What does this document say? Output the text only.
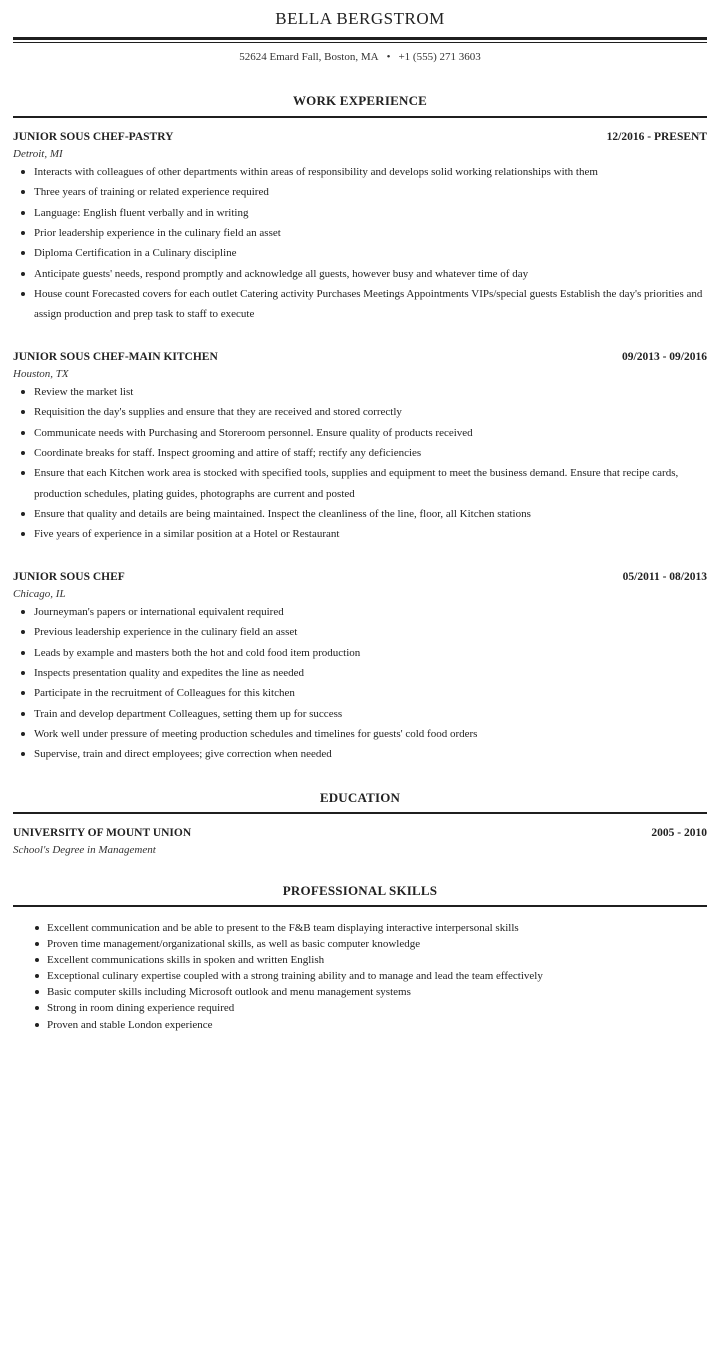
BELLA BERGSTROM
52624 Emard Fall, Boston, MA • +1 (555) 271 3603
WORK EXPERIENCE
JUNIOR SOUS CHEF-PASTRY	12/2016 - PRESENT
Detroit, MI
Interacts with colleagues of other departments within areas of responsibility and develops solid working relationships with them
Three years of training or related experience required
Language: English fluent verbally and in writing
Prior leadership experience in the culinary field an asset
Diploma Certification in a Culinary discipline
Anticipate guests' needs, respond promptly and acknowledge all guests, however busy and whatever time of day
House count Forecasted covers for each outlet Catering activity Purchases Meetings Appointments VIPs/special guests Establish the day's priorities and assign production and prep task to staff to execute
JUNIOR SOUS CHEF-MAIN KITCHEN	09/2013 - 09/2016
Houston, TX
Review the market list
Requisition the day's supplies and ensure that they are received and stored correctly
Communicate needs with Purchasing and Storeroom personnel. Ensure quality of products received
Coordinate breaks for staff. Inspect grooming and attire of staff; rectify any deficiencies
Ensure that each Kitchen work area is stocked with specified tools, supplies and equipment to meet the business demand. Ensure that recipe cards, production schedules, plating guides, photographs are current and posted
Ensure that quality and details are being maintained. Inspect the cleanliness of the line, floor, all Kitchen stations
Five years of experience in a similar position at a Hotel or Restaurant
JUNIOR SOUS CHEF	05/2011 - 08/2013
Chicago, IL
Journeyman's papers or international equivalent required
Previous leadership experience in the culinary field an asset
Leads by example and masters both the hot and cold food item production
Inspects presentation quality and expedites the line as needed
Participate in the recruitment of Colleagues for this kitchen
Train and develop department Colleagues, setting them up for success
Work well under pressure of meeting production schedules and timelines for guests' cold food orders
Supervise, train and direct employees; give correction when needed
EDUCATION
UNIVERSITY OF MOUNT UNION	2005 - 2010
School's Degree in Management
PROFESSIONAL SKILLS
Excellent communication and be able to present to the F&B team displaying interactive interpersonal skills
Proven time management/organizational skills, as well as basic computer knowledge
Excellent communications skills in spoken and written English
Exceptional culinary expertise coupled with a strong training ability and to manage and lead the team effectively
Basic computer skills including Microsoft outlook and menu management systems
Strong in room dining experience required
Proven and stable London experience
